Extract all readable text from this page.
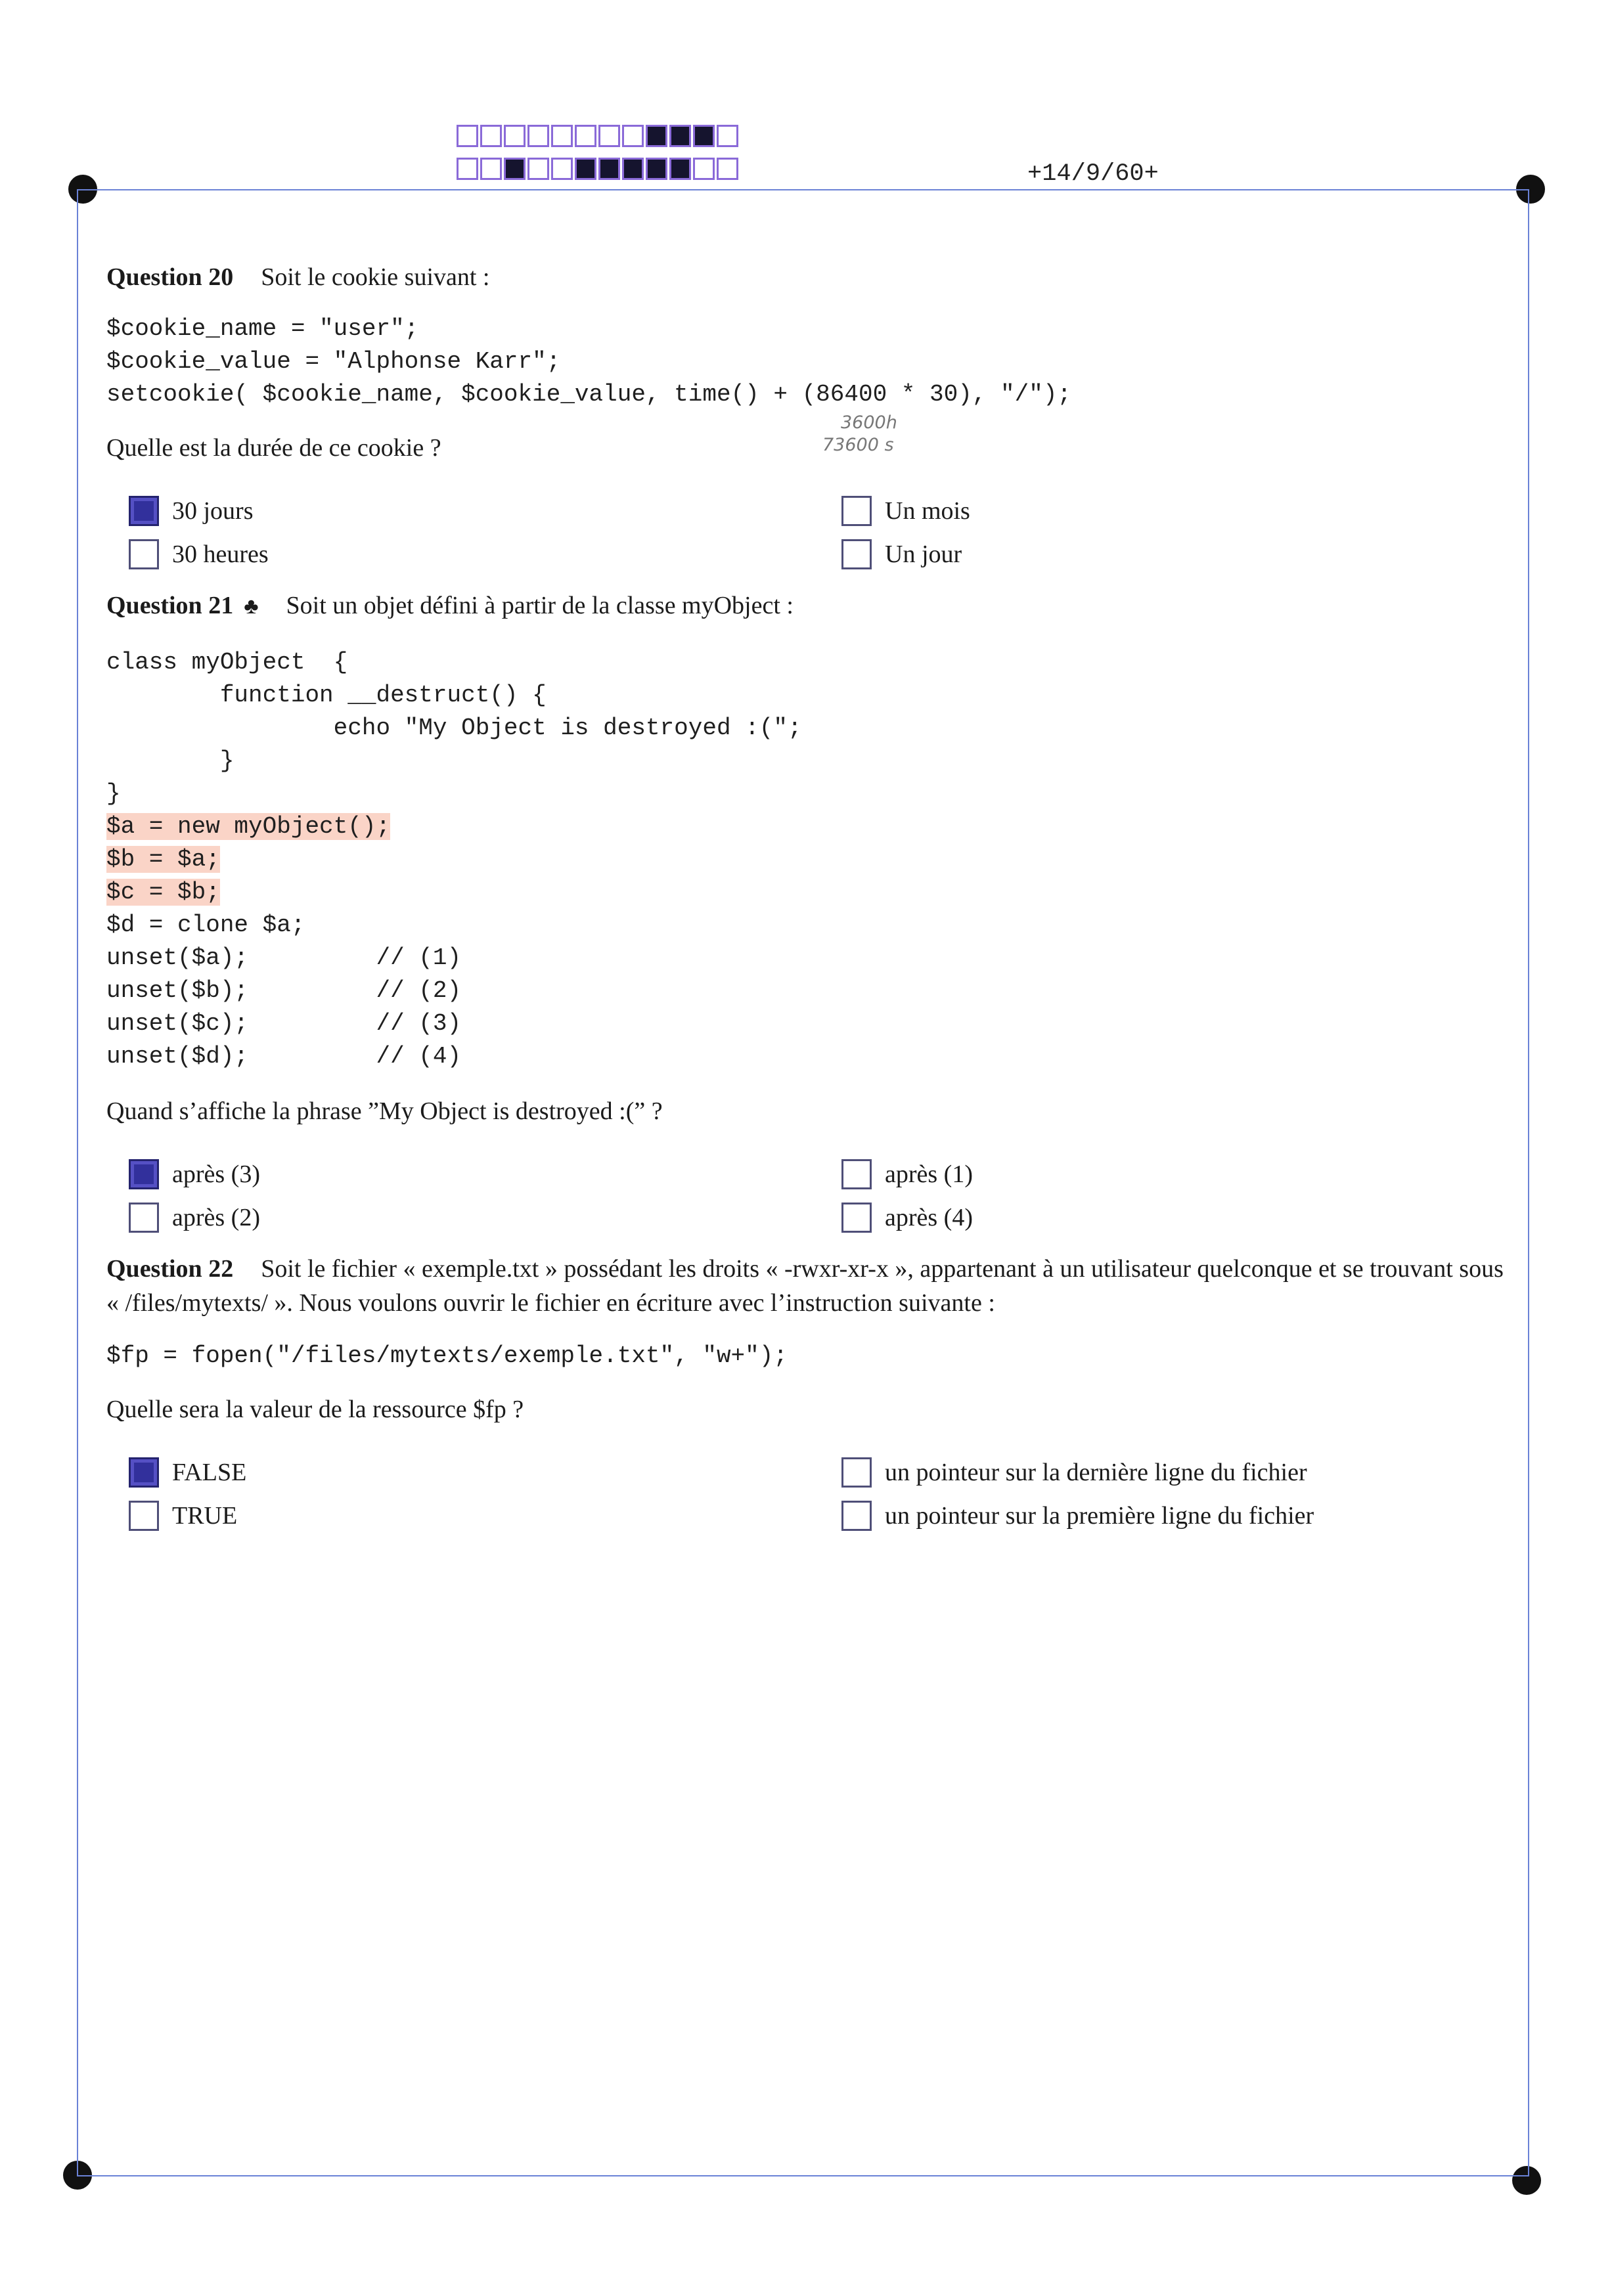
+14/9/60+

Question 20 Soit le cookie suivant :

$cookie_name = "user";
$cookie_value = "Alphonse Karr";
setcookie( $cookie_name, $cookie_value, time() + (86400 * 30), "/");

Quelle est la durée de ce cookie ?

30 jours	Un mois
30 heures	Un jour

Question 21 ♣ Soit un objet défini à partir de la classe myObject :

class myObject  {
function __destruct() {
echo "My Object is destroyed :(";
}
}
$a = new myObject();
$b = $a;
$c = $b;
$d = clone $a;
unset($a);         // (1)
unset($b);         // (2)
unset($c);         // (3)
unset($d);         // (4)

Quand s’affiche la phrase ”My Object is destroyed :(” ?

après (3)	après (1)
après (2)	après (4)

Question 22 Soit le fichier « exemple.txt » possédant les droits « -rwxr-xr-x », appartenant à un utilisateur quelconque et se trouvant sous « /files/mytexts/ ». Nous voulons ouvrir le fichier en écriture avec l’instruction suivante :

$fp = fopen("/files/mytexts/exemple.txt", "w+");

Quelle sera la valeur de la ressource $fp ?

FALSE	un pointeur sur la dernière ligne du fichier
TRUE	un pointeur sur la première ligne du fichier
3600h
73600 s
